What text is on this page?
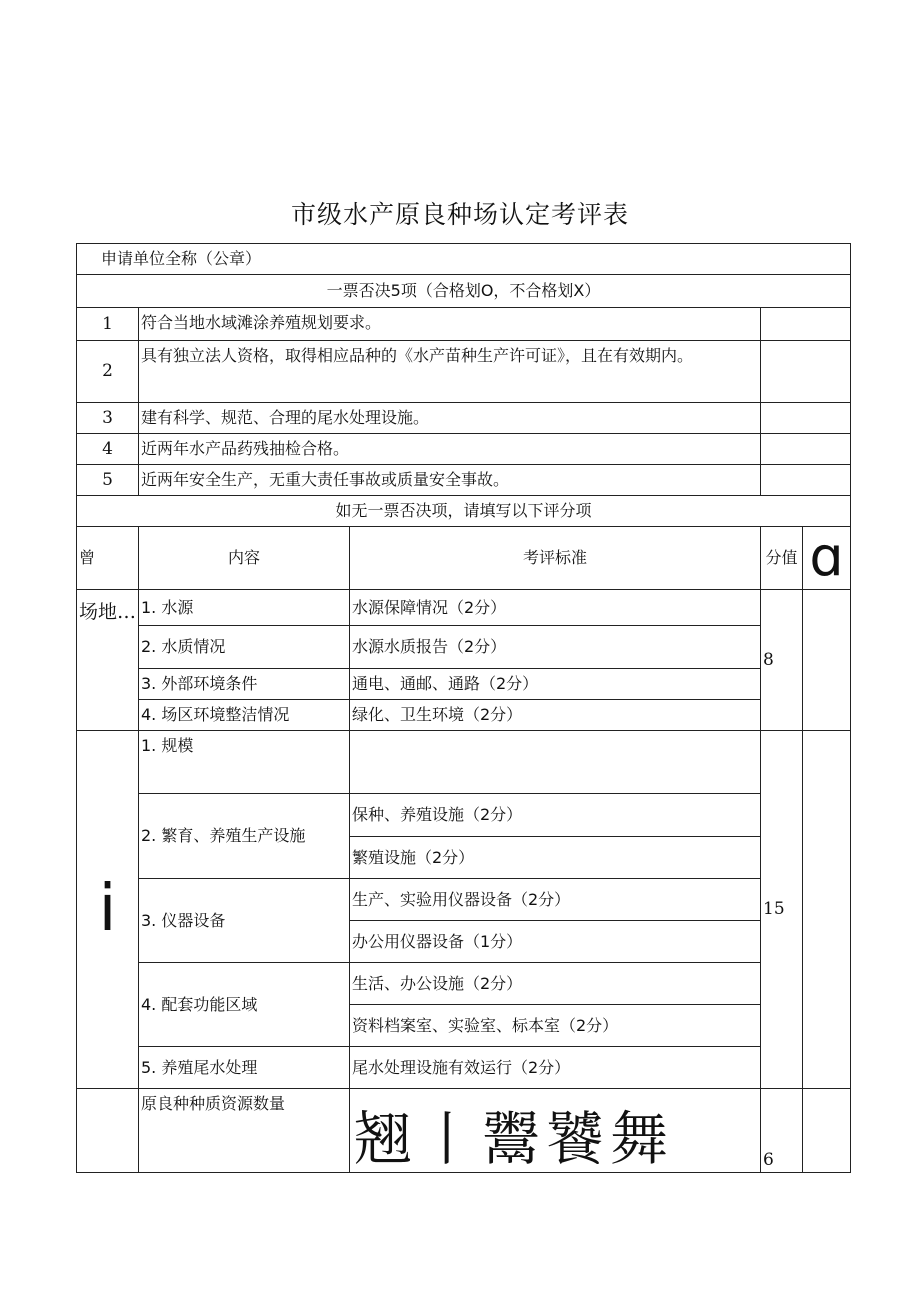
市级水产原良种场认定考评表
申请单位全称（公章）				
一票否决5项（合格划O，不合格划X）				
1	符合当地水域滩涂养殖规划要求。			
2	具有独立法人资格，取得相应品种的《水产苗种生产许可证》，且在有效期内。			
3	建有科学、规范、合理的尾水处理设施。			
4	近两年水产品药残抽检合格。			
5	近两年安全生产，无重大责任事故或质量安全事故。			
如无一票否决项，请填写以下评分项				
曾	内容	考评标准	分值	ɑ
场地…	1. 水源	水源保障情况（2分）	8	
	2. 水质情况	水源水质报告（2分）		
	3. 外部环境条件	通电、通邮、通路（2分）		
	4. 场区环境整洁情况	绿化、卫生环境（2分）		
i	1. 规模		15	
	2. 繁育、养殖生产设施	保种、养殖设施（2分）		
		繁殖设施（2分）		
	3. 仪器设备	生产、实验用仪器设备（2分）		
		办公用仪器设备（1分）		
	4. 配套功能区域	生活、办公设施（2分）		
		资料档案室、实验室、标本室（2分）		
	5. 养殖尾水处理	尾水处理设施有效运行（2分）		
	原良种种质资源数量	翘丨鬻饕舞	6	
